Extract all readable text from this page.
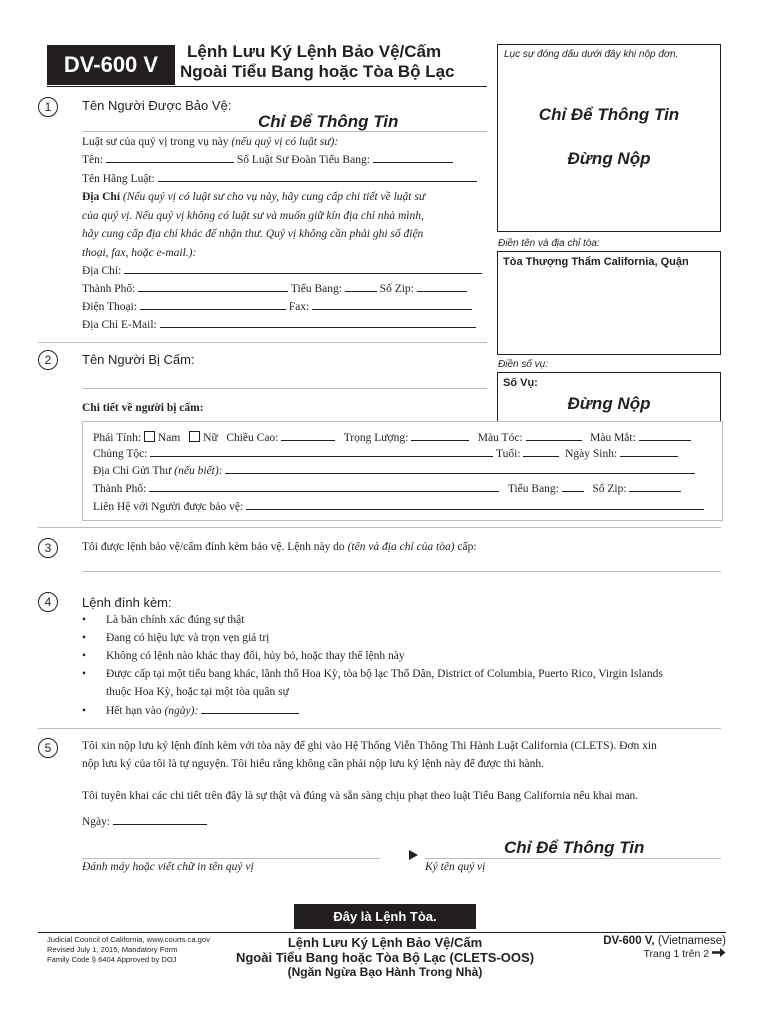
DV-600 V
Lệnh Lưu Ký Lệnh Bảo Vệ/Cấm
Ngoài Tiểu Bang hoặc Tòa Bộ Lạc
Lục sự đóng dấu dưới đây khi nộp đơn.
Chỉ Để Thông Tin
Đừng Nộp
Điền tên và địa chỉ tòa:
Tòa Thượng Thẩm California, Quận
Điền số vụ:
Số Vụ:
Đừng Nộp
1	Tên Người Được Bảo Vệ:
Chỉ Để Thông Tin
Luật sư của quý vị trong vụ này (nếu quý vị có luật sư):
Tên:	Số Luật Sư Đoàn Tiểu Bang:
Tên Hãng Luật:
Địa Chỉ (Nếu quý vị có luật sư cho vụ này, hãy cung cấp chi tiết về luật sư
của quý vị. Nếu quý vị không có luật sư và muốn giữ kín địa chỉ nhà mình,
hãy cung cấp địa chỉ khác để nhận thư. Quý vị không cần phải ghi số điện
thoại, fax, hoặc e-mail.):
Địa Chỉ:
Thành Phố:	Tiểu Bang:	Số Zip:
Điện Thoại:	Fax:
Địa Chỉ E-Mail:
2	Tên Người Bị Cấm:
Chi tiết về người bị cấm:
Phái Tính: Nam Nữ Chiều Cao:	Trọng Lượng:	Màu Tóc:	Màu Mắt:
Chủng Tộc:	Tuổi:	Ngày Sinh:
Địa Chỉ Gửi Thư (nếu biết):
Thành Phố:	Tiểu Bang:	Số Zip:
Liên Hệ với Người được bảo vệ:
3	Tôi được lệnh bảo vệ/cấm đính kèm bảo vệ. Lệnh này do (tên và địa chỉ của tòa) cấp:
4	Lệnh đính kèm:
• Là bản chính xác đúng sự thật
• Đang có hiệu lực và trọn vẹn giá trị
• Không có lệnh nào khác thay đổi, hủy bỏ, hoặc thay thế lệnh này
• Được cấp tại một tiểu bang khác, lãnh thổ Hoa Kỳ, tòa bộ lạc Thổ Dân, District of Columbia, Puerto Rico, Virgin Islands
thuộc Hoa Kỳ, hoặc tại một tòa quân sự
• Hết hạn vào (ngày):
5	Tôi xin nộp lưu ký lệnh đính kèm với tòa này để ghi vào Hệ Thống Viễn Thông Thi Hành Luật California (CLETS). Đơn xin
nộp lưu ký của tôi là tự nguyện. Tôi hiểu rằng không cần phải nộp lưu ký lệnh này để được thi hành.
Tôi tuyên khai các chi tiết trên đây là sự thật và đúng và sẵn sàng chịu phạt theo luật Tiểu Bang California nếu khai man.
Ngày:
Chỉ Để Thông Tin
Đánh máy hoặc viết chữ in tên quý vị	Ký tên quý vị
Đây là Lệnh Tòa.
Judicial Council of California, www.courts.ca.gov
Revised July 1, 2015, Mandatory Form
Family Code § 6404 Approved by DOJ
Lệnh Lưu Ký Lệnh Bảo Vệ/Cấm
Ngoài Tiểu Bang hoặc Tòa Bộ Lạc (CLETS-OOS)
(Ngăn Ngừa Bạo Hành Trong Nhà)
DV-600 V, (Vietnamese)
Trang 1 trên 2
